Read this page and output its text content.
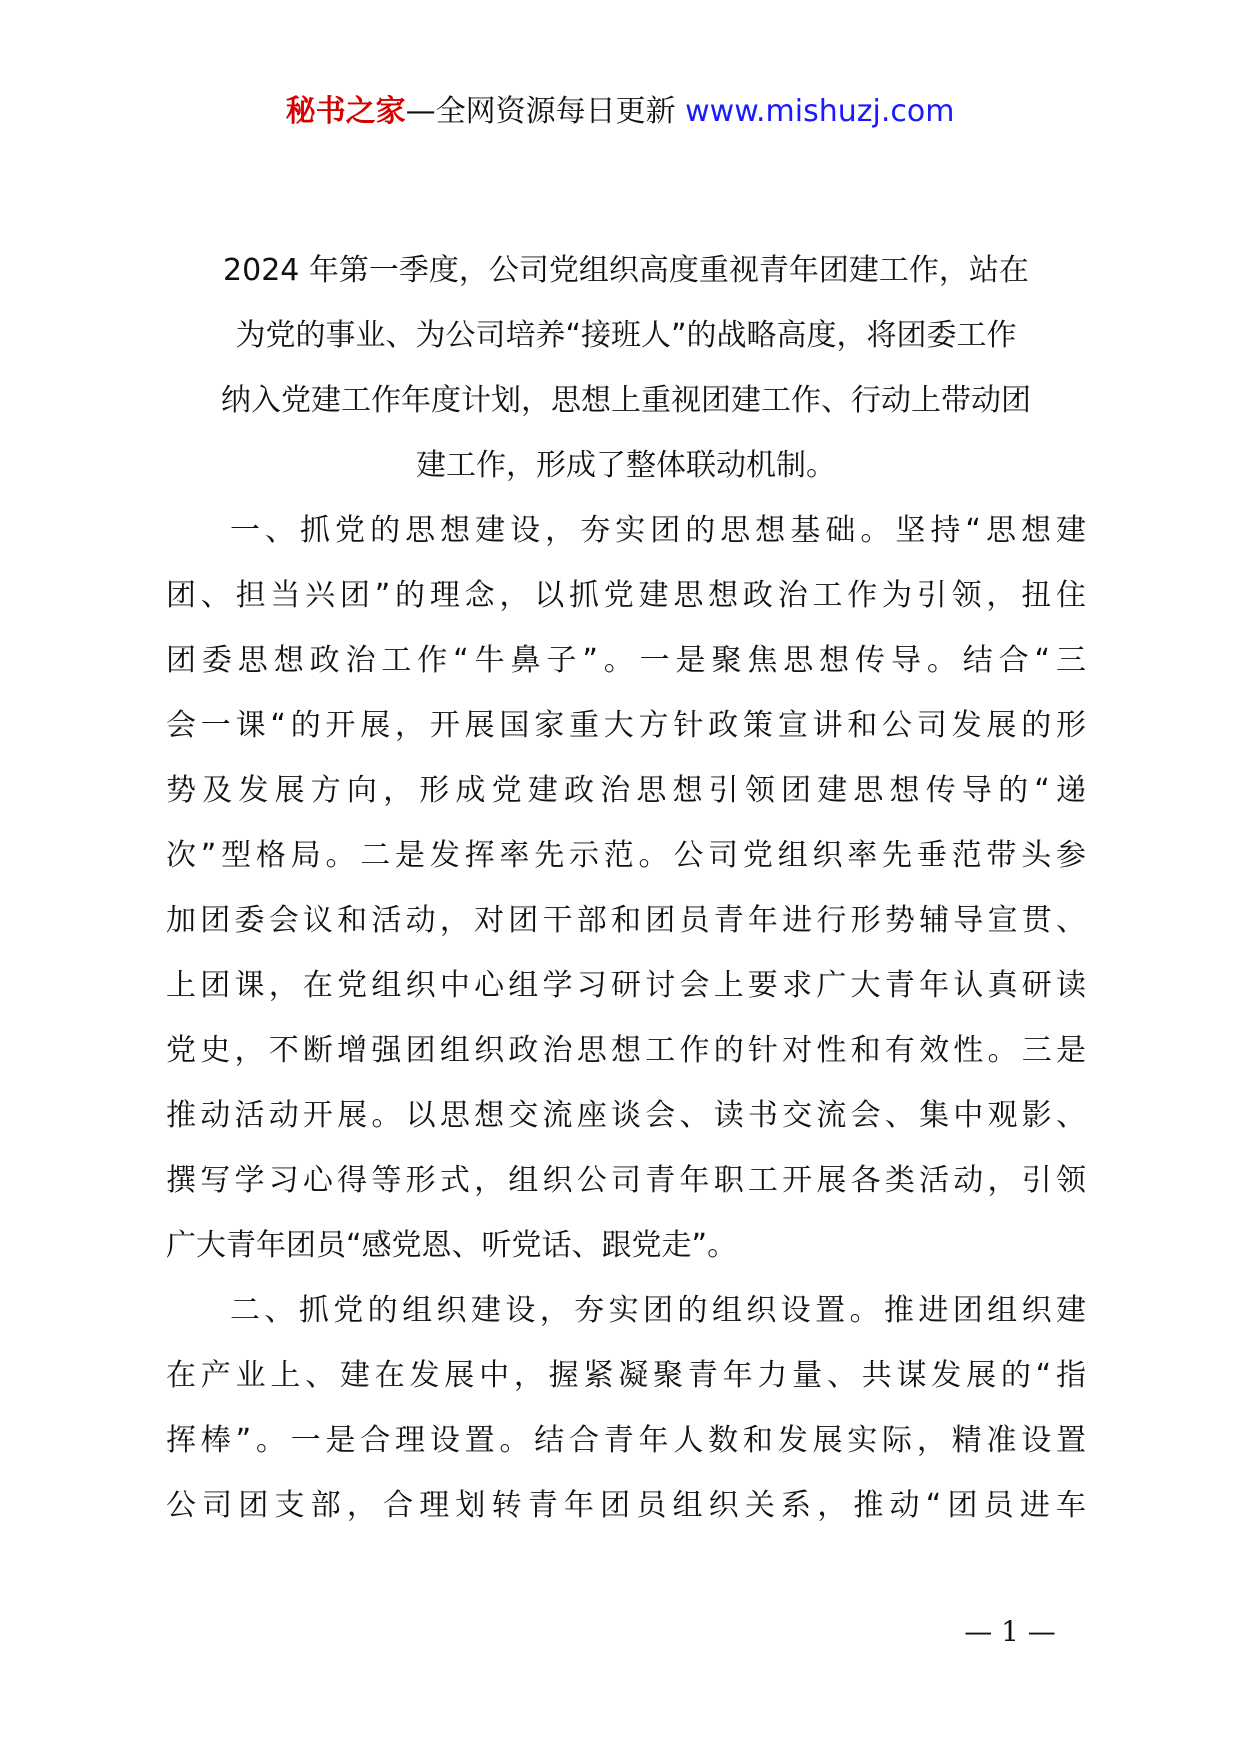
秘书之家—全网资源每日更新 www.mishuzj.com
2024 年第一季度，公司党组织高度重视青年团建工作，站在
为党的事业、为公司培养“接班人”的战略高度，将团委工作
纳入党建工作年度计划，思想上重视团建工作、行动上带动团
建工作，形成了整体联动机制。
一、抓党的思想建设，夯实团的思想基础。坚持“思想建
团、担当兴团”的理念，以抓党建思想政治工作为引领，扭住
团委思想政治工作“牛鼻子”。一是聚焦思想传导。结合“三
会一课“的开展，开展国家重大方针政策宣讲和公司发展的形
势及发展方向，形成党建政治思想引领团建思想传导的“递
次”型格局。二是发挥率先示范。公司党组织率先垂范带头参
加团委会议和活动，对团干部和团员青年进行形势辅导宣贯、
上团课，在党组织中心组学习研讨会上要求广大青年认真研读
党史，不断增强团组织政治思想工作的针对性和有效性。三是
推动活动开展。以思想交流座谈会、读书交流会、集中观影、
撰写学习心得等形式，组织公司青年职工开展各类活动，引领
广大青年团员“感党恩、听党话、跟党走”。
二、抓党的组织建设，夯实团的组织设置。推进团组织建
在产业上、建在发展中，握紧凝聚青年力量、共谋发展的“指
挥棒”。一是合理设置。结合青年人数和发展实际，精准设置
公司团支部，合理划转青年团员组织关系，推动“团员进车
— 1 —
